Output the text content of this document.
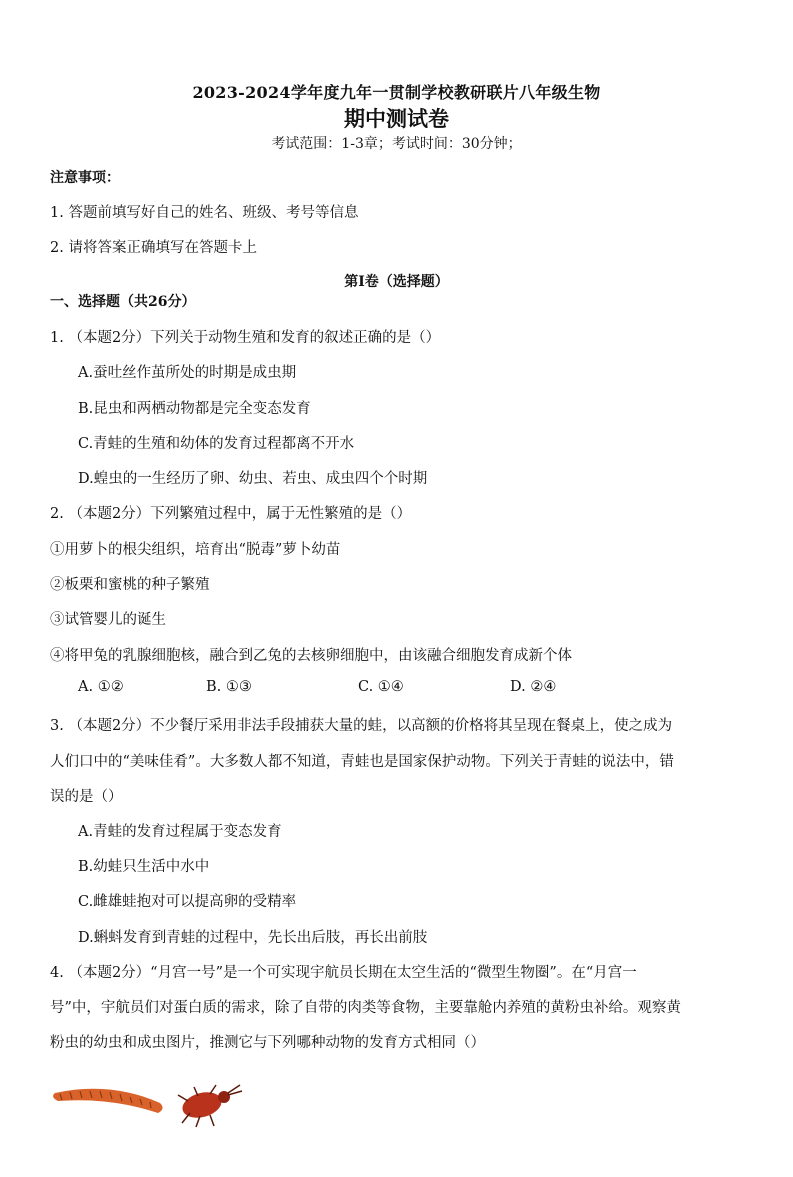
2023-2024学年度九年一贯制学校教研联片八年级生物
期中测试卷
考试范围：1-3章；考试时间：30分钟；
注意事项：
1. 答题前填写好自己的姓名、班级、考号等信息
2. 请将答案正确填写在答题卡上
第Ⅰ卷（选择题）
一、选择题（共26分）
1. （本题2分）下列关于动物生殖和发育的叙述正确的是（）
A.蚕吐丝作茧所处的时期是成虫期
B.昆虫和两栖动物都是完全变态发育
C.青蛙的生殖和幼体的发育过程都离不开水
D.蝗虫的一生经历了卵、幼虫、若虫、成虫四个个时期
2. （本题2分）下列繁殖过程中，属于无性繁殖的是（）
①用萝卜的根尖组织，培育出“脱毒”萝卜幼苗
②板栗和蜜桃的种子繁殖
③试管婴儿的诞生
④将甲兔的乳腺细胞核，融合到乙兔的去核卵细胞中，由该融合细胞发育成新个体
A. ①②	B. ①③	C. ①④	D. ②④
3. （本题2分）不少餐厅采用非法手段捕获大量的蛙，以高额的价格将其呈现在餐桌上，使之成为
人们口中的“美味佳肴”。大多数人都不知道，青蛙也是国家保护动物。下列关于青蛙的说法中，错
误的是（）
A.青蛙的发育过程属于变态发育
B.幼蛙只生活中水中
C.雌雄蛙抱对可以提高卵的受精率
D.蝌蚪发育到青蛙的过程中，先长出后肢，再长出前肢
4. （本题2分）“月宫一号”是一个可实现宇航员长期在太空生活的“微型生物圈”。在“月宫一
号”中，宇航员们对蛋白质的需求，除了自带的肉类等食物，主要靠舱内养殖的黄粉虫补给。观察黄
粉虫的幼虫和成虫图片，推测它与下列哪种动物的发育方式相同（）
